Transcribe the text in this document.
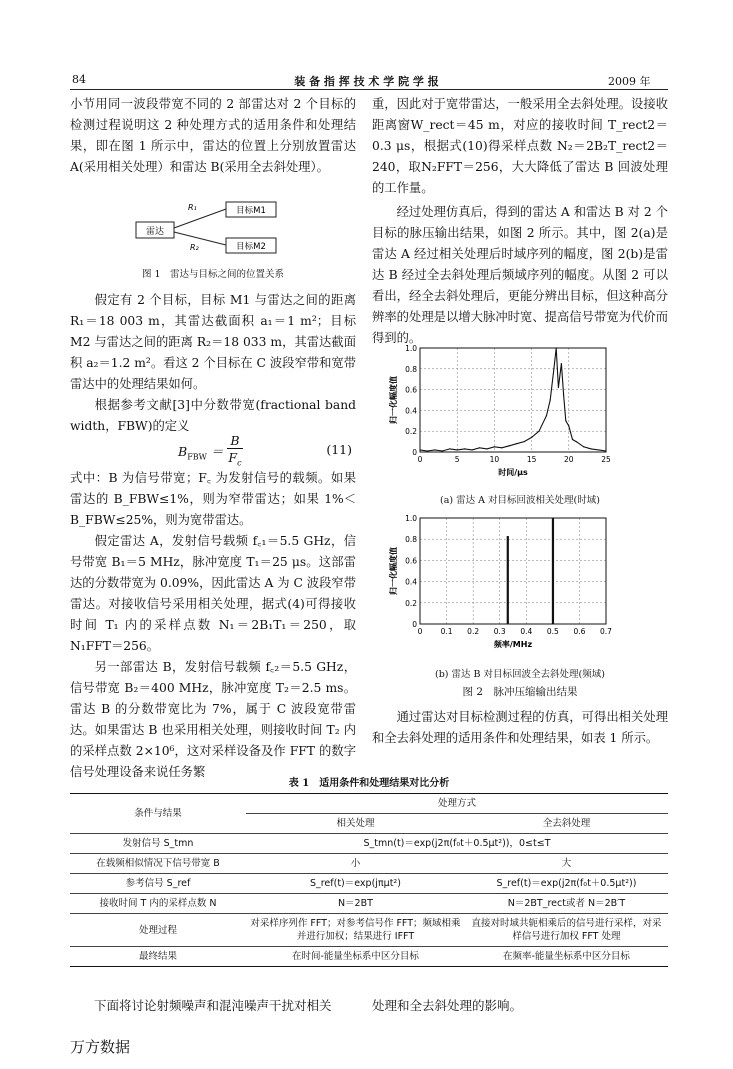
84	装 备 指 挥 技 术 学 院 学 报	2009 年

小节用同一波段带宽不同的 2 部雷达对 2 个目标的检测过程说明这 2 种处理方式的适用条件和处理结果，即在图 1 所示中，雷达的位置上分别放置雷达 A(采用相关处理）和雷达 B(采用全去斜处理）。

雷达
R₁
R₂
目标M1
目标M2
图 1　雷达与目标之间的位置关系

假定有 2 个目标，目标 M1 与雷达之间的距离 R₁＝18 003 m，其雷达截面积 a₁＝1 m²；目标 M2 与雷达之间的距离 R₂＝18 033 m，其雷达截面积 a₂＝1.2 m²。看这 2 个目标在 C 波段窄带和宽带雷达中的处理结果如何。

根据参考文献[3]中分数带宽(fractional band width，FBW)的定义

$B_{FBW}$ ＝
B
$F_c$
(11)

式中：B 为信号带宽；F꜀ 为发射信号的载频。如果雷达的 B_FBW≤1%，则为窄带雷达；如果 1%＜B_FBW≤25%，则为宽带雷达。

假定雷达 A，发射信号载频 f꜀₁＝5.5 GHz，信号带宽 B₁＝5 MHz，脉冲宽度 T₁＝25 μs。这部雷达的分数带宽为 0.09%，因此雷达 A 为 C 波段窄带雷达。对接收信号采用相关处理，据式(4)可得接收时间 T₁ 内的采样点数 N₁＝2B₁T₁＝250，取N₁FFT＝256。

另一部雷达 B，发射信号载频 f꜀₂＝5.5 GHz，信号带宽 B₂＝400 MHz，脉冲宽度 T₂＝2.5 ms。雷达 B 的分数带宽比为 7%，属于 C 波段宽带雷达。如果雷达 B 也采用相关处理，则接收时间 T₂ 内的采样点数 2×10⁶，这对采样设备及作 FFT 的数字信号处理设备来说任务繁

重，因此对于宽带雷达，一般采用全去斜处理。设接收距离窗W_rect＝45 m，对应的接收时间 T_rect2＝0.3 μs，根据式(10)得采样点数 N₂＝2B₂T_rect2＝240，取N₂FFT＝256，大大降低了雷达 B 回波处理的工作量。

经过处理仿真后，得到的雷达 A 和雷达 B 对 2 个目标的脉压输出结果，如图 2 所示。其中，图 2(a)是雷达 A 经过相关处理后时域序列的幅度，图 2(b)是雷达 B 经过全去斜处理后频域序列的幅度。从图 2 可以看出，经全去斜处理后，更能分辨出目标，但这种高分辨率的处理是以增大脉冲时宽、提高信号带宽为代价而得到的。

0	5	10	15	20	25
0
0.2
0.4
0.6
0.8
1.0
时间/μs
归一化幅度值
(a) 雷达 A 对目标回波相关处理(时域)
0 0.1 0.2 0.3 0.4 0.5 0.6 0.7
0
0.2
0.4
0.6
0.8
1.0
频率/MHz
归一化幅度值
(b) 雷达 B 对目标回波全去斜处理(频域)
图 2　脉冲压缩输出结果

通过雷达对目标检测过程的仿真，可得出相关处理和全去斜处理的适用条件和处理结果，如表 1 所示。

表 1　适用条件和处理结果对比分析
条件与结果	处理方式	
	相关处理	全去斜处理
发射信号 S_tmn	S_tmn(t)＝exp(j2π(f₀t＋0.5μt²))，0≤t≤T	
在载频相似情况下信号带宽 B	小	大
参考信号 S_ref	S_ref(t)＝exp(jπμt²)	S_ref(t)＝exp(j2π(f₀t＋0.5μt²))
接收时间 T 内的采样点数 N	N＝2BT	N＝2BT_rect或者 N＝2B′T
处理过程	对采样序列作 FFT；对参考信号作 FFT；频域相乘并进行加权；结果进行 IFFT	直接对时域共轭相乘后的信号进行采样，对采样信号进行加权 FFT 处理
最终结果	在时间-能量坐标系中区分目标	在频率-能量坐标系中区分目标
下面将讨论射频噪声和混沌噪声干扰对相关	处理和全去斜处理的影响。
万方数据
